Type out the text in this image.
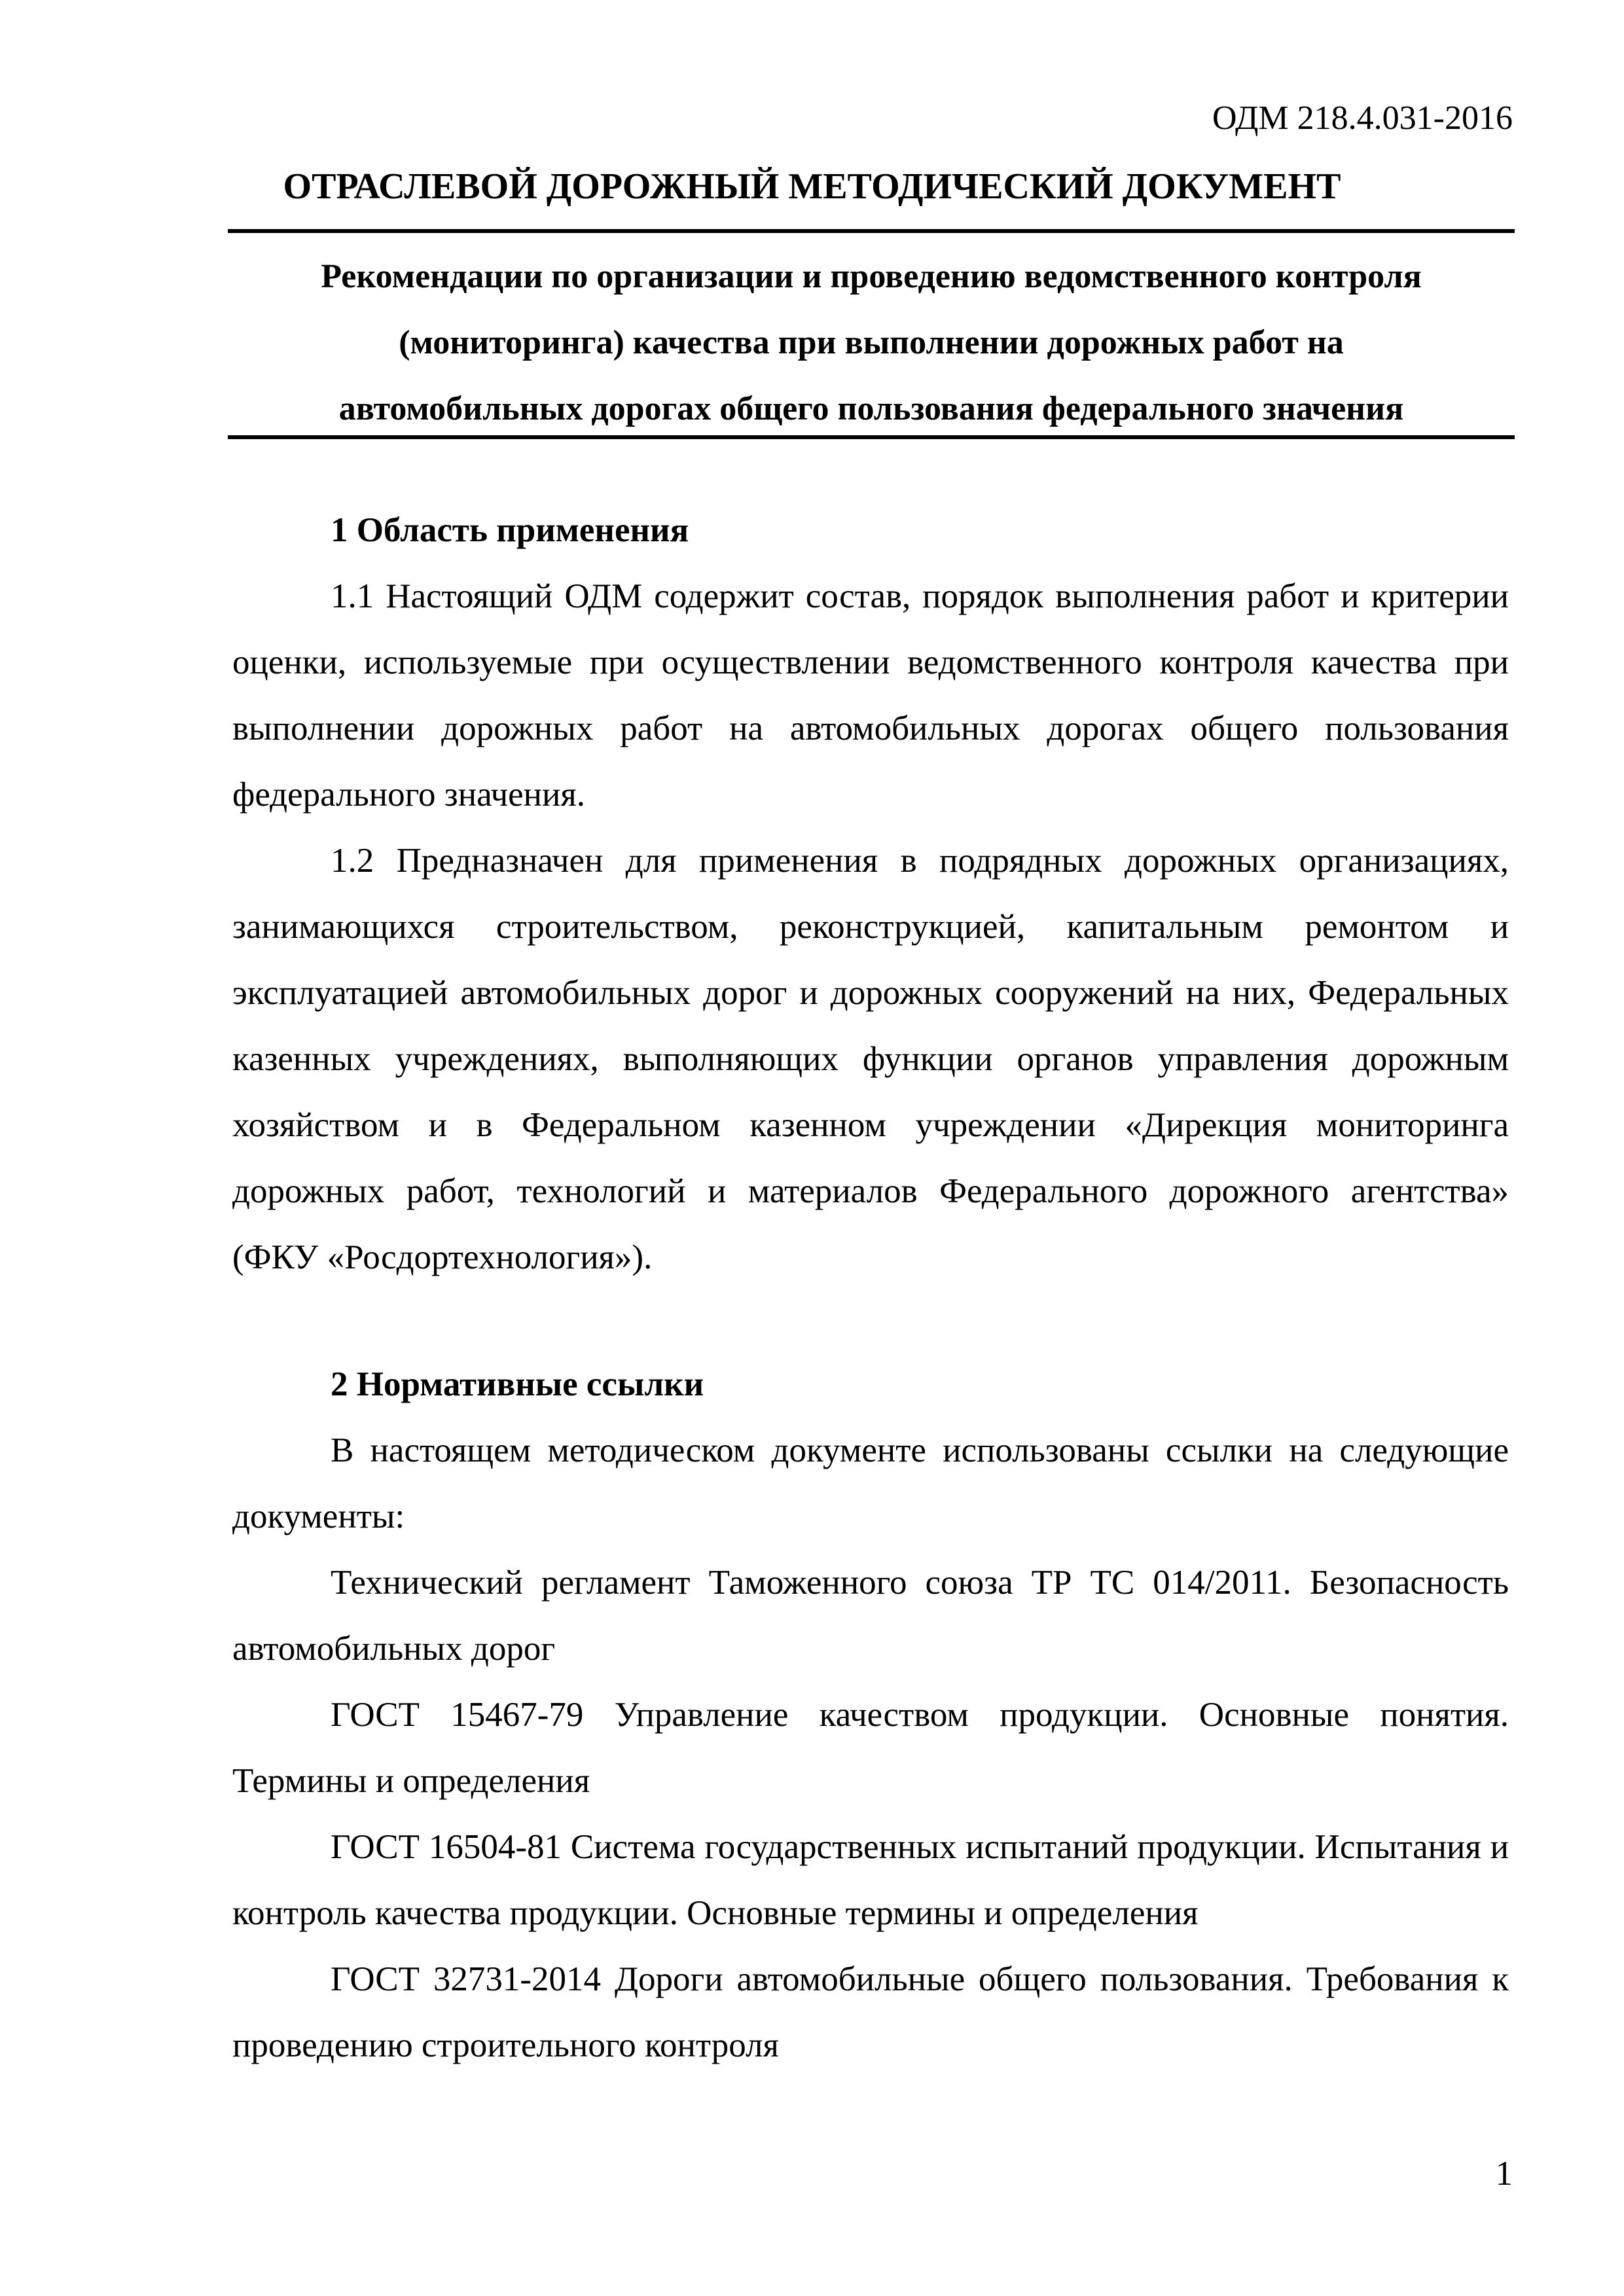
ОДМ 218.4.031-2016
ОТРАСЛЕВОЙ ДОРОЖНЫЙ МЕТОДИЧЕСКИЙ ДОКУМЕНТ
Рекомендации по организации и проведению ведомственного контроля
(мониторинга) качества при выполнении дорожных работ на
автомобильных дорогах общего пользования федерального значения
1 Область применения

1.1 Настоящий ОДМ содержит состав, порядок выполнения работ и критерии оценки, используемые при осуществлении ведомственного контроля качества при выполнении дорожных работ на автомобильных дорогах общего пользования федерального значения.

1.2 Предназначен для применения в подрядных дорожных организациях, занимающихся строительством, реконструкцией, капитальным ремонтом и эксплуатацией автомобильных дорог и дорожных сооружений на них, Федеральных казенных учреждениях, выполняющих функции органов управления дорожным хозяйством и в Федеральном казенном учреждении «Дирекция мониторинга дорожных работ, технологий и материалов Федерального дорожного агентства» (ФКУ «Росдортехнология»).

2 Нормативные ссылки

В настоящем методическом документе использованы ссылки на следующие документы:

Технический регламент Таможенного союза ТР ТС 014/2011. Безопасность автомобильных дорог

ГОСТ 15467-79 Управление качеством продукции. Основные понятия. Термины и определения

ГОСТ 16504-81 Система государственных испытаний продукции. Испытания и контроль качества продукции. Основные термины и определения

ГОСТ 32731-2014 Дороги автомобильные общего пользования. Требования к проведению строительного контроля

1
